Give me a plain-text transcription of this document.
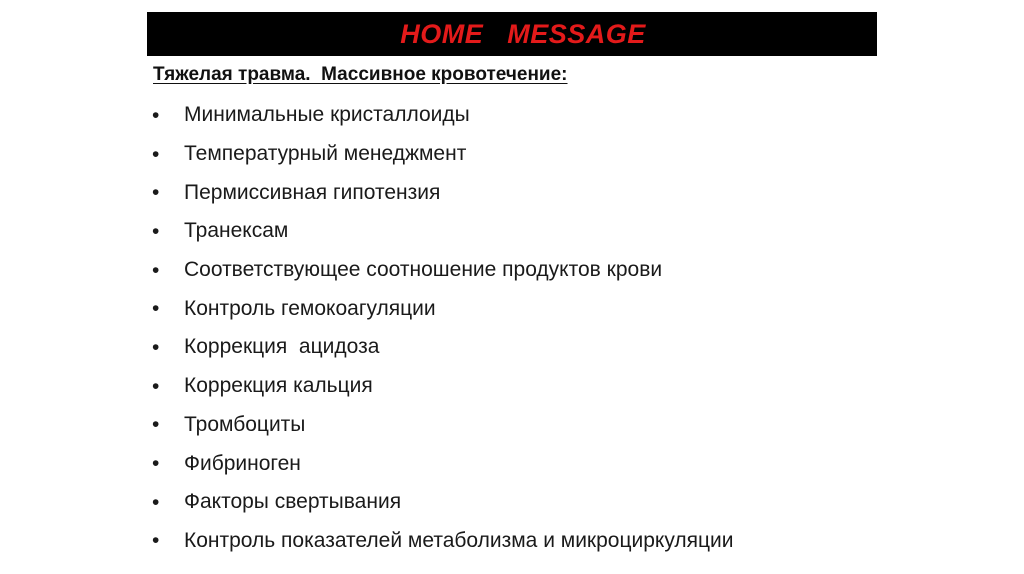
HOME   MESSAGE
Тяжелая травма.  Массивное кровотечение:
•	Минимальные кристаллоиды
•	Температурный менеджмент
•	Пермиссивная гипотензия
•	Транексам
•	Соответствующее соотношение продуктов крови
•	Контроль гемокоагуляции
•	Коррекция  ацидоза
•	Коррекция кальция
•	Тромбоциты
•	Фибриноген
•	Факторы свертывания
•	Контроль показателей метаболизма и микроциркуляции
